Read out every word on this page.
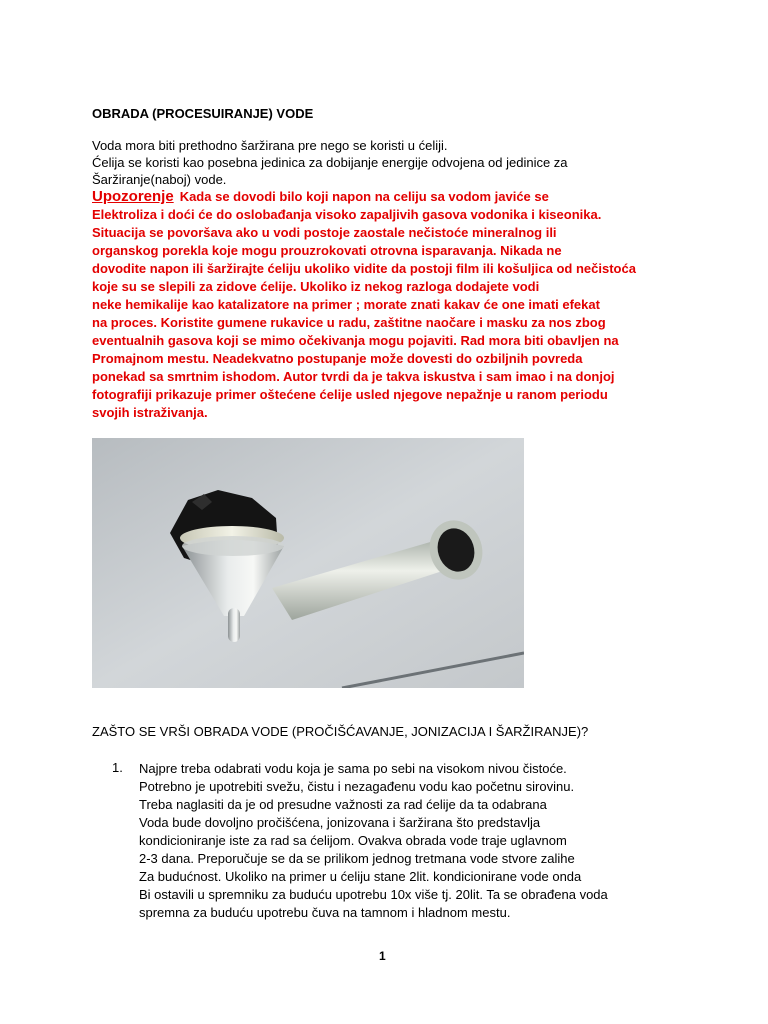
OBRADA (PROCESUIRANJE) VODE
Voda mora biti prethodno šaržirana pre nego se koristi u ćeliji.
Ćelija se koristi kao posebna jedinica za dobijanje energije odvojena od jedinice za
Šaržiranje(naboj) vode.
Upozorenje Kada se dovodi bilo koji napon na celiju sa vodom javiće se
Elektroliza i doći će do oslobađanja visoko zapaljivih gasova vodonika i kiseonika.
Situacija se povoršava ako u vodi postoje zaostale nečistoće mineralnog ili
organskog porekla koje mogu prouzrokovati otrovna isparavanja. Nikada ne
dovodite napon ili šaržirajte ćeliju ukoliko vidite da postoji film ili košuljica od nečistoća
koje su se slepili za zidove ćelije. Ukoliko iz nekog razloga dodajete vodi
neke hemikalije kao katalizatore na primer ; morate znati kakav će one imati efekat
na proces. Koristite gumene rukavice u radu, zaštitne naočare i masku za nos zbog
eventualnih gasova koji se mimo očekivanja mogu pojaviti. Rad mora biti obavljen na
Promajnom mestu. Neadekvatno postupanje može dovesti do ozbiljnih povreda
ponekad sa smrtnim ishodom. Autor tvrdi da je takva iskustva i sam imao i na donjoj
fotografiji prikazuje primer oštećene ćelije usled njegove nepažnje u ranom periodu
svojih istraživanja.
ZAŠTO SE VRŠI OBRADA VODE (PROČIŠĆAVANJE, JONIZACIJA I ŠARŽIRANJE)?
1. Najpre treba odabrati vodu koja je sama po sebi na visokom nivou čistoće.
Potrebno je upotrebiti svežu, čistu i nezagađenu vodu kao početnu sirovinu.
Treba naglasiti da je od presudne važnosti za rad ćelije da ta odabrana
Voda bude dovoljno pročišćena, jonizovana i šaržirana što predstavlja
kondicioniranje iste za rad sa ćelijom. Ovakva obrada vode traje uglavnom
2-3 dana. Preporučuje se da se prilikom jednog tretmana vode stvore zalihe
Za budućnost. Ukoliko na primer u ćeliju stane 2lit. kondicionirane vode onda
Bi ostavili u spremniku za buduću upotrebu 10x više tj. 20lit. Ta se obrađena voda
spremna za buduću upotrebu čuva na tamnom i hladnom mestu.
1
